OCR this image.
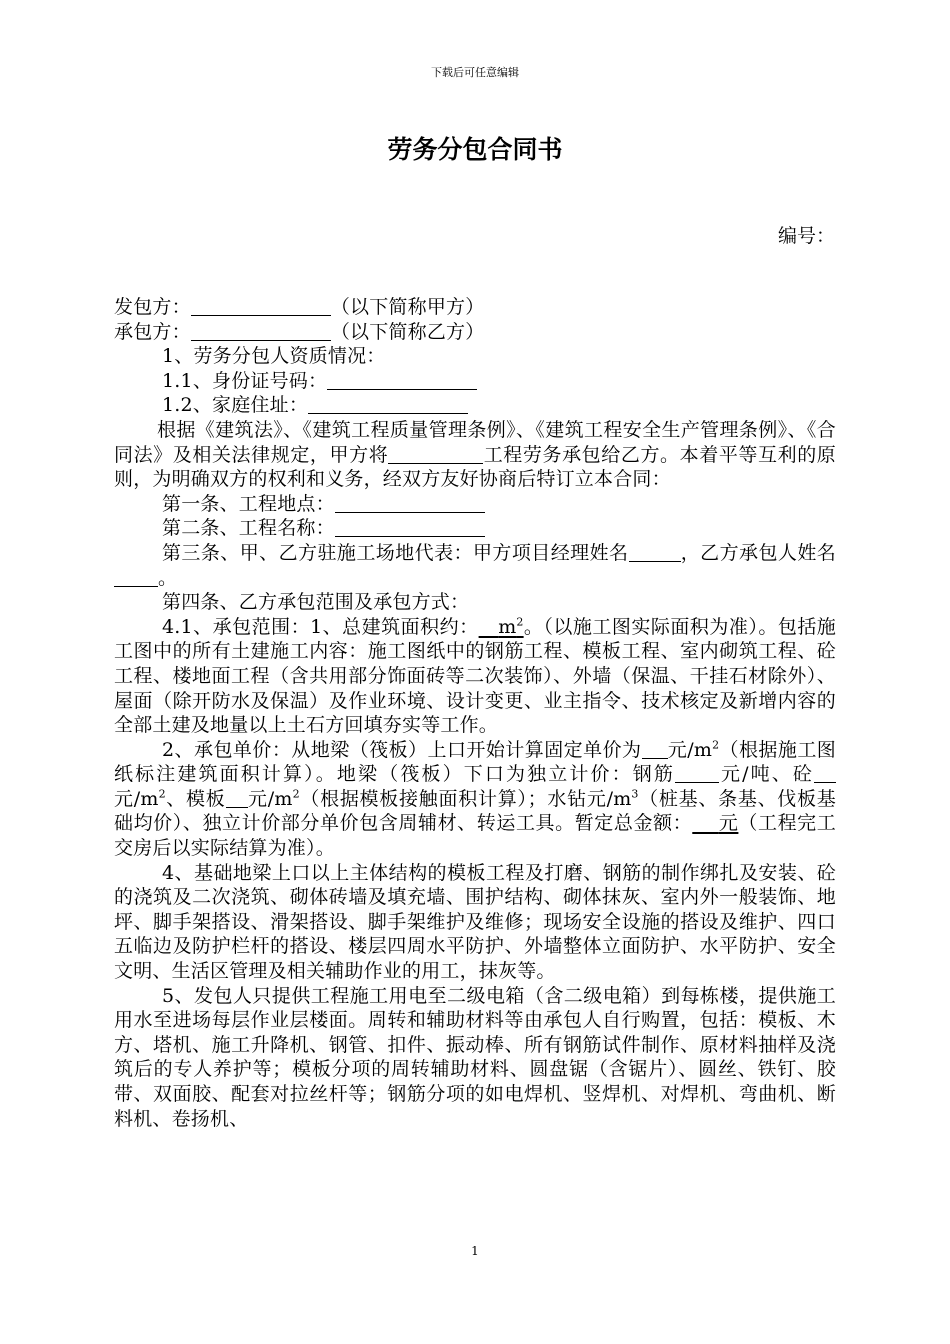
下载后可任意编辑
劳务分包合同书
编号：

发包方：	（以下简称甲方）

承包方：	（以下简称乙方）

1、劳务分包人资质情况：

1.1、身份证号码：

1.2、家庭住址：

根据《建筑法》、《建筑工程质量管理条例》、《建筑工程安全生产管理条例》、《合同法》及相关法律规定，甲方将	工程劳务承包给乙方。本着平等互利的原则，为明确双方的权利和义务，经双方友好协商后特订立本合同：

第一条、工程地点：

第二条、工程名称：

第三条、甲、乙方驻施工场地代表：甲方项目经理姓名	，乙方承包人姓名。

第四条、乙方承包范围及承包方式：

4.1、承包范围：1、总建筑面积约： $m^2$。（以施工图实际面积为准）。包括施工图中的所有土建施工内容：施工图纸中的钢筋工程、模板工程、室内砌筑工程、砼工程、楼地面工程（含共用部分饰面砖等二次装饰）、外墙（保温、干挂石材除外）、屋面（除开防水及保温）及作业环境、设计变更、业主指令、技术核定及新增内容的全部土建及地量以上土石方回填夯实等工作。

2、承包单价：从地梁（筏板）上口开始计算固定单价为 元$/m^2$（根据施工图纸标注建筑面积计算）。地梁（筏板）下口为独立计价：钢筋 元/吨、砼元$/m^2$、模板 元$/m^2$（根据模板接触面积计算）；水钻元$/m^3$（桩基、条基、伐板基础均价）、独立计价部分单价包含周辅材、转运工具。暂定总金额： 元（工程完工交房后以实际结算为准）。

4、基础地梁上口以上主体结构的模板工程及打磨、钢筋的制作绑扎及安装、砼的浇筑及二次浇筑、砌体砖墙及填充墙、围护结构、砌体抹灰、室内外一般装饰、地坪、脚手架搭设、滑架搭设、脚手架维护及维修；现场安全设施的搭设及维护、四口五临边及防护栏杆的搭设、楼层四周水平防护、外墙整体立面防护、水平防护、安全文明、生活区管理及相关辅助作业的用工，抹灰等。

5、发包人只提供工程施工用电至二级电箱（含二级电箱）到每栋楼，提供施工用水至进场每层作业层楼面。周转和辅助材料等由承包人自行购置，包括：模板、木方、塔机、施工升降机、钢管、扣件、振动棒、所有钢筋试件制作、原材料抽样及浇筑后的专人养护等；模板分项的周转辅助材料、圆盘锯（含锯片）、圆丝、铁钉、胶带、双面胶、配套对拉丝杆等；钢筋分项的如电焊机、竖焊机、对焊机、弯曲机、断料机、卷扬机、

1
